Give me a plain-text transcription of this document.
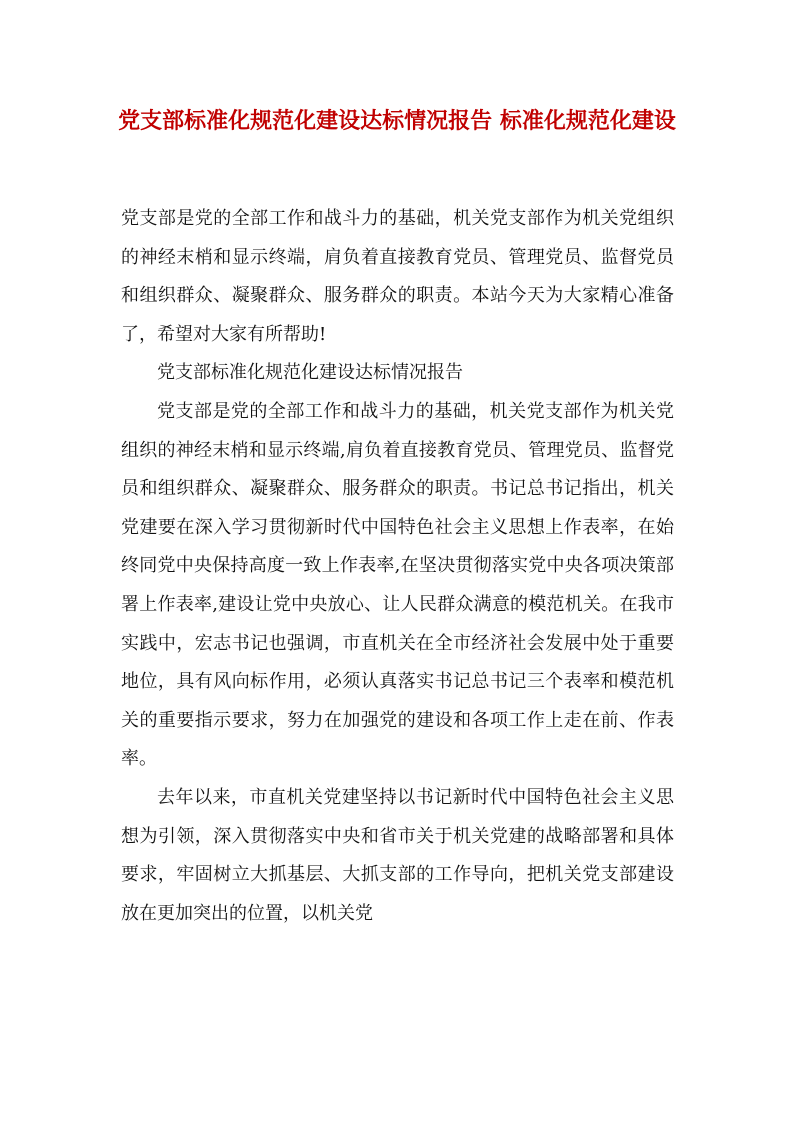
党支部标准化规范化建设达标情况报告 标准化规范化建设

党支部是党的全部工作和战斗力的基础，机关党支部作为机关党组织的神经末梢和显示终端，肩负着直接教育党员、管理党员、监督党员和组织群众、凝聚群众、服务群众的职责。本站今天为大家精心准备了，希望对大家有所帮助!

党支部标准化规范化建设达标情况报告

党支部是党的全部工作和战斗力的基础，机关党支部作为机关党组织的神经末梢和显示终端,肩负着直接教育党员、管理党员、监督党员和组织群众、凝聚群众、服务群众的职责。书记总书记指出，机关党建要在深入学习贯彻新时代中国特色社会主义思想上作表率，在始终同党中央保持高度一致上作表率,在坚决贯彻落实党中央各项决策部署上作表率,建设让党中央放心、让人民群众满意的模范机关。在我市实践中，宏志书记也强调，市直机关在全市经济社会发展中处于重要地位，具有风向标作用，必须认真落实书记总书记三个表率和模范机关的重要指示要求，努力在加强党的建设和各项工作上走在前、作表率。

去年以来，市直机关党建坚持以书记新时代中国特色社会主义思想为引领，深入贯彻落实中央和省市关于机关党建的战略部署和具体要求，牢固树立大抓基层、大抓支部的工作导向，把机关党支部建设放在更加突出的位置，以机关党
